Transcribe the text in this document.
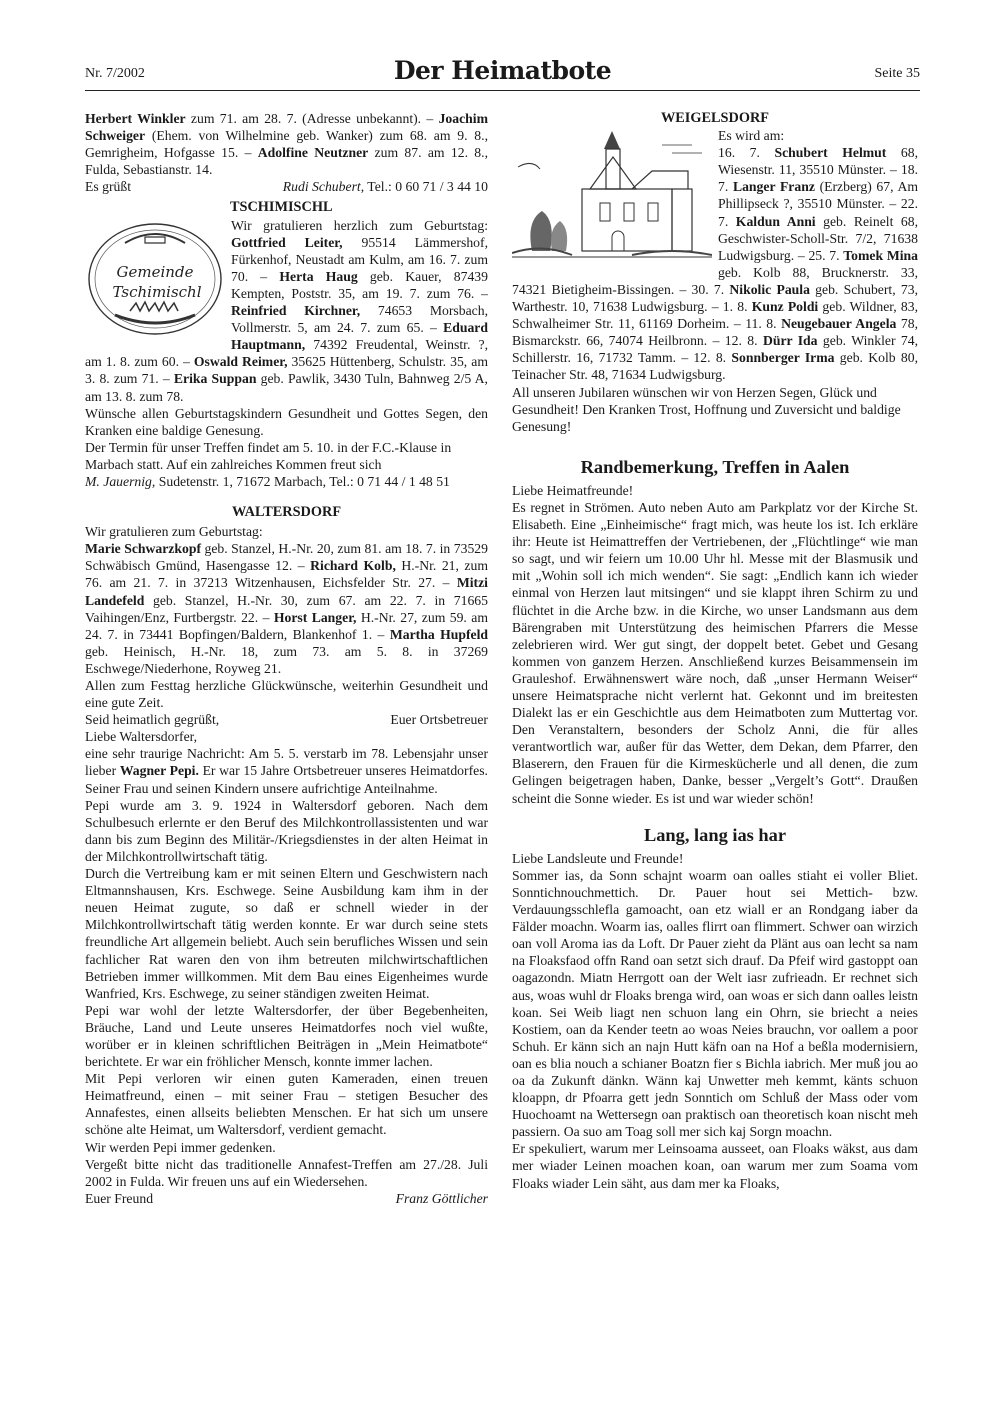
Nr. 7/2002	Der Heimatbote	Seite 35

Herbert Winkler zum 71. am 28. 7. (Adresse unbekannt). – Joachim Schweiger (Ehem. von Wilhelmine geb. Wanker) zum 68. am 9. 8., Gemrigheim, Hofgasse 15. – Adolfine Neutzner zum 87. am 12. 8., Fulda, Sebastianstr. 14.

Es grüßt	Rudi Schubert, Tel.: 0 60 71 / 3 44 10

TSCHIMISCHL
Gemeinde
Tschimischl

Wir gratulieren herzlich zum Geburtstag: Gottfried Leiter, 95514 Lämmershof, Fürkenhof, Neustadt am Kulm, am 16. 7. zum 70. – Herta Haug geb. Kauer, 87439 Kempten, Poststr. 35, am 19. 7. zum 76. – Reinfried Kirchner, 74653 Morsbach, Vollmerstr. 5, am 24. 7. zum 65. – Eduard Hauptmann, 74392 Freudental, Weinstr. ?, am 1. 8. zum 60. – Oswald Reimer, 35625 Hüttenberg, Schulstr. 35, am 3. 8. zum 71. – Erika Suppan geb. Pawlik, 3430 Tuln, Bahnweg 2/5 A, am 13. 8. zum 78.

Wünsche allen Geburtstagskindern Gesundheit und Gottes Segen, den Kranken eine baldige Genesung.

Der Termin für unser Treffen findet am 5. 10. in der F.C.-Klause in Marbach statt. Auf ein zahlreiches Kommen freut sich

M. Jauernig, Sudetenstr. 1, 71672 Marbach, Tel.: 0 71 44 / 1 48 51

WALTERSDORF

Wir gratulieren zum Geburtstag:

Marie Schwarzkopf geb. Stanzel, H.-Nr. 20, zum 81. am 18. 7. in 73529 Schwäbisch Gmünd, Hasengasse 12. – Richard Kolb, H.-Nr. 21, zum 76. am 21. 7. in 37213 Witzenhausen, Eichsfelder Str. 27. – Mitzi Landefeld geb. Stanzel, H.-Nr. 30, zum 67. am 22. 7. in 71665 Vaihingen/Enz, Furtbergstr. 22. – Horst Langer, H.-Nr. 27, zum 59. am 24. 7. in 73441 Bopfingen/Baldern, Blankenhof 1. – Martha Hupfeld geb. Heinisch, H.-Nr. 18, zum 73. am 5. 8. in 37269 Eschwege/Niederhone, Royweg 21.

Allen zum Festtag herzliche Glückwünsche, weiterhin Gesundheit und eine gute Zeit.

Seid heimatlich gegrüßt,	Euer Ortsbetreuer

Liebe Waltersdorfer,

eine sehr traurige Nachricht: Am 5. 5. verstarb im 78. Lebensjahr unser lieber Wagner Pepi. Er war 15 Jahre Ortsbetreuer unseres Heimatdorfes. Seiner Frau und seinen Kindern unsere aufrichtige Anteilnahme.

Pepi wurde am 3. 9. 1924 in Waltersdorf geboren. Nach dem Schulbesuch erlernte er den Beruf des Milchkontrollassistenten und war dann bis zum Beginn des Militär-/Kriegsdienstes in der alten Heimat in der Milchkontrollwirtschaft tätig.

Durch die Vertreibung kam er mit seinen Eltern und Geschwistern nach Eltmannshausen, Krs. Eschwege. Seine Ausbildung kam ihm in der neuen Heimat zugute, so daß er schnell wieder in der Milchkontrollwirtschaft tätig werden konnte. Er war durch seine stets freundliche Art allgemein beliebt. Auch sein berufliches Wissen und sein fachlicher Rat waren den von ihm betreuten milchwirtschaftlichen Betrieben immer willkommen. Mit dem Bau eines Eigenheimes wurde Wanfried, Krs. Eschwege, zu seiner ständigen zweiten Heimat.

Pepi war wohl der letzte Waltersdorfer, der über Begebenheiten, Bräuche, Land und Leute unseres Heimatdorfes noch viel wußte, worüber er in kleinen schriftlichen Beiträgen in „Mein Heimatbote“ berichtete. Er war ein fröhlicher Mensch, konnte immer lachen.

Mit Pepi verloren wir einen guten Kameraden, einen treuen Heimatfreund, einen – mit seiner Frau – stetigen Besucher des Annafestes, einen allseits beliebten Menschen. Er hat sich um unsere schöne alte Heimat, um Waltersdorf, verdient gemacht.

Wir werden Pepi immer gedenken.

Vergeßt bitte nicht das traditionelle Annafest-Treffen am 27./28. Juli 2002 in Fulda. Wir freuen uns auf ein Wiedersehen.

Euer Freund	Franz Göttlicher

WEIGELSDORF

Es wird am:
16. 7. Schubert Helmut 68, Wiesenstr. 11, 35510 Münster. – 18. 7. Langer Franz (Erzberg) 67, Am Phillipseck ?, 35510 Münster. – 22. 7. Kaldun Anni geb. Reinelt 68, Geschwister-Scholl-Str. 7/2, 71638 Ludwigsburg. – 25. 7. Tomek Mina geb. Kolb 88, Brucknerstr. 33, 74321 Bietigheim-Bissingen. – 30. 7. Nikolic Paula geb. Schubert, 73, Warthestr. 10, 71638 Ludwigsburg. – 1. 8. Kunz Poldi geb. Wildner, 83, Schwalheimer Str. 11, 61169 Dorheim. – 11. 8. Neugebauer Angela 78, Bismarckstr. 66, 74074 Heilbronn. – 12. 8. Dürr Ida geb. Winkler 74, Schillerstr. 16, 71732 Tamm. – 12. 8. Sonnberger Irma geb. Kolb 80, Teinacher Str. 48, 71634 Ludwigsburg.

All unseren Jubilaren wünschen wir von Herzen Segen, Glück und Gesundheit! Den Kranken Trost, Hoffnung und Zuversicht und baldige Genesung!

Randbemerkung, Treffen in Aalen

Liebe Heimatfreunde!

Es regnet in Strömen. Auto neben Auto am Parkplatz vor der Kirche St. Elisabeth. Eine „Einheimische“ fragt mich, was heute los ist. Ich erkläre ihr: Heute ist Heimattreffen der Vertriebenen, der „Flüchtlinge“ wie man so sagt, und wir feiern um 10.00 Uhr hl. Messe mit der Blasmusik und mit „Wohin soll ich mich wenden“. Sie sagt: „Endlich kann ich wieder einmal von Herzen laut mitsingen“ und sie klappt ihren Schirm zu und flüchtet in die Arche bzw. in die Kirche, wo unser Landsmann aus dem Bärengraben mit Unterstützung des heimischen Pfarrers die Messe zelebrieren wird. Wer gut singt, der doppelt betet. Gebet und Gesang kommen von ganzem Herzen. Anschließend kurzes Beisammensein im Grauleshof. Erwähnenswert wäre noch, daß „unser Hermann Weiser“ unsere Heimatsprache nicht verlernt hat. Gekonnt und im breitesten Dialekt las er ein Geschichtle aus dem Heimatboten zum Muttertag vor. Den Veranstaltern, besonders der Scholz Anni, die für alles verantwortlich war, außer für das Wetter, dem Dekan, dem Pfarrer, den Blaserern, den Frauen für die Kirmeskücherle und all denen, die zum Gelingen beigetragen haben, Danke, besser „Vergelt’s Gott“. Draußen scheint die Sonne wieder. Es ist und war wieder schön!

Lang, lang ias har

Liebe Landsleute und Freunde!

Sommer ias, da Sonn schajnt woarm oan oalles stiaht ei voller Bliet. Sonntichnouchmettich. Dr. Pauer hout sei Mettich- bzw. Verdauungsschlefla gamoacht, oan etz wiall er an Rondgang iaber da Fälder moachn. Woarm ias, oalles flirrt oan flimmert. Schwer oan wirzich oan voll Aroma ias da Loft. Dr Pauer zieht da Plänt aus oan lecht sa nam na Floaksfaod offn Rand oan setzt sich drauf. Da Pfeif wird gastoppt oan oagazondn. Miatn Herrgott oan der Welt iasr zufrieadn. Er rechnet sich aus, woas wuhl dr Floaks brenga wird, oan woas er sich dann oalles leistn koan. Sei Weib liagt nen schuon lang ein Ohrn, sie briecht a neies Kostiem, oan da Kender teetn ao woas Neies brauchn, vor oallem a poor Schuh. Er känn sich an najn Hutt käfn oan na Hof a beßla modernisiern, oan es blia nouch a schianer Boatzn fier s Bichla iabrich. Mer muß jou ao oa da Zukunft dänkn. Wänn kaj Unwetter meh kemmt, känts schuon kloappn, dr Pfoarra gett jedn Sonntich om Schluß der Mass oder vom Huochoamt na Wettersegn oan praktisch oan theoretisch koan nischt meh passiern. Oa suo am Toag soll mer sich kaj Sorgn moachn.

Er spekuliert, warum mer Leinsoama ausseet, oan Floaks wäkst, aus dam mer wiader Leinen moachen koan, oan warum mer zum Soama vom Floaks wiader Lein säht, aus dam mer ka Floaks,
